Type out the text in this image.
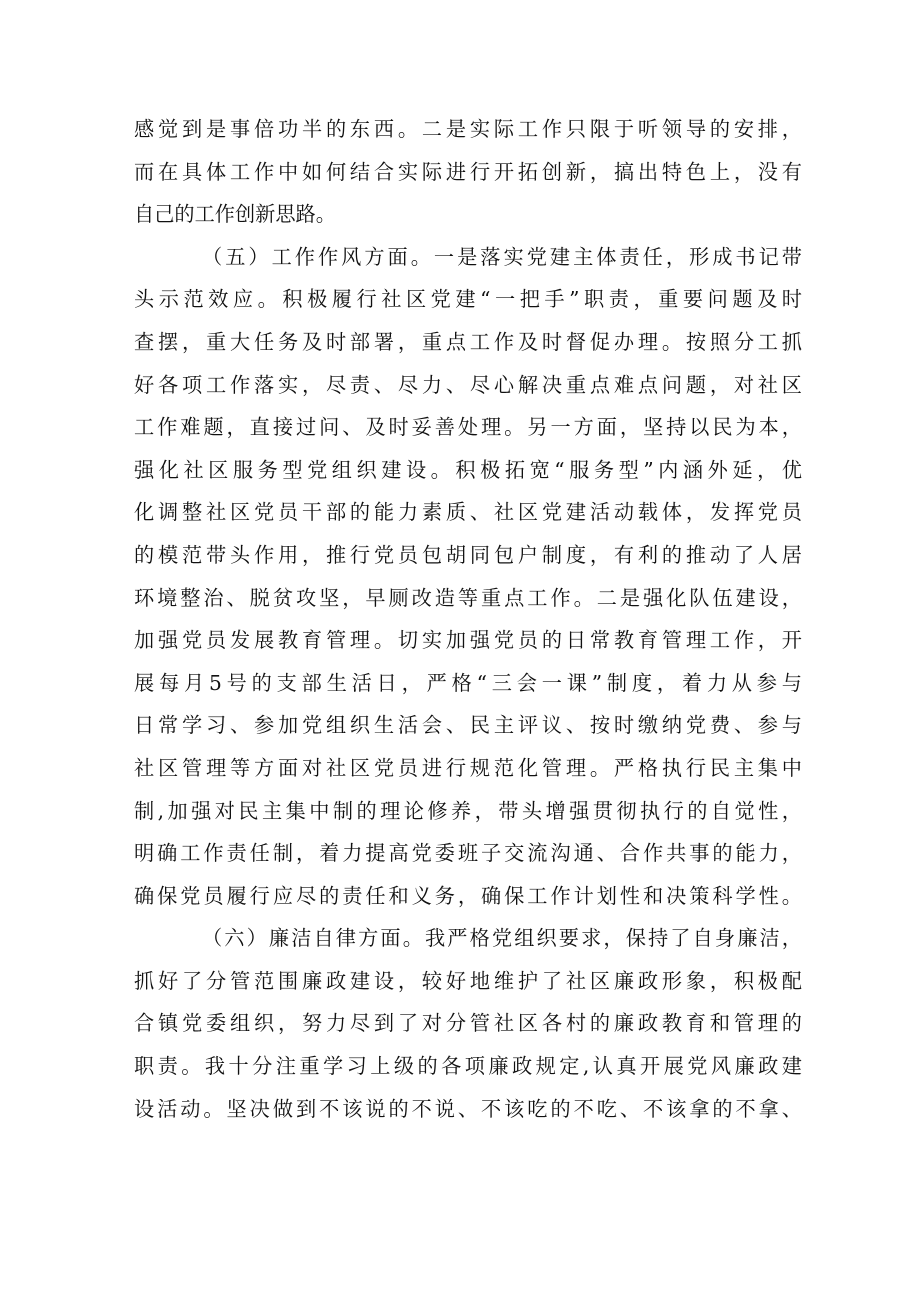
感觉到是事倍功半的东西。二是实际工作只限于听领导的安排，
而在具体工作中如何结合实际进行开拓创新，搞出特色上，没有
自己的工作创新思路。
（五）工作作风方面。一是落实党建主体责任，形成书记带
头示范效应。积极履行社区党建“一把手”职责，重要问题及时
查摆，重大任务及时部署，重点工作及时督促办理。按照分工抓
好各项工作落实，尽责、尽力、尽心解决重点难点问题，对社区
工作难题，直接过问、及时妥善处理。另一方面，坚持以民为本，
强化社区服务型党组织建设。积极拓宽“服务型”内涵外延，优
化调整社区党员干部的能力素质、社区党建活动载体，发挥党员
的模范带头作用，推行党员包胡同包户制度，有利的推动了人居
环境整治、脱贫攻坚，早厕改造等重点工作。二是强化队伍建设，
加强党员发展教育管理。切实加强党员的日常教育管理工作，开
展每月5号的支部生活日，严格“三会一课”制度，着力从参与
日常学习、参加党组织生活会、民主评议、按时缴纳党费、参与
社区管理等方面对社区党员进行规范化管理。严格执行民主集中
制,加强对民主集中制的理论修养，带头增强贯彻执行的自觉性，
明确工作责任制，着力提高党委班子交流沟通、合作共事的能力，
确保党员履行应尽的责任和义务，确保工作计划性和决策科学性。
（六）廉洁自律方面。我严格党组织要求，保持了自身廉洁，
抓好了分管范围廉政建设，较好地维护了社区廉政形象，积极配
合镇党委组织，努力尽到了对分管社区各村的廉政教育和管理的
职责。我十分注重学习上级的各项廉政规定,认真开展党风廉政建
设活动。坚决做到不该说的不说、不该吃的不吃、不该拿的不拿、
